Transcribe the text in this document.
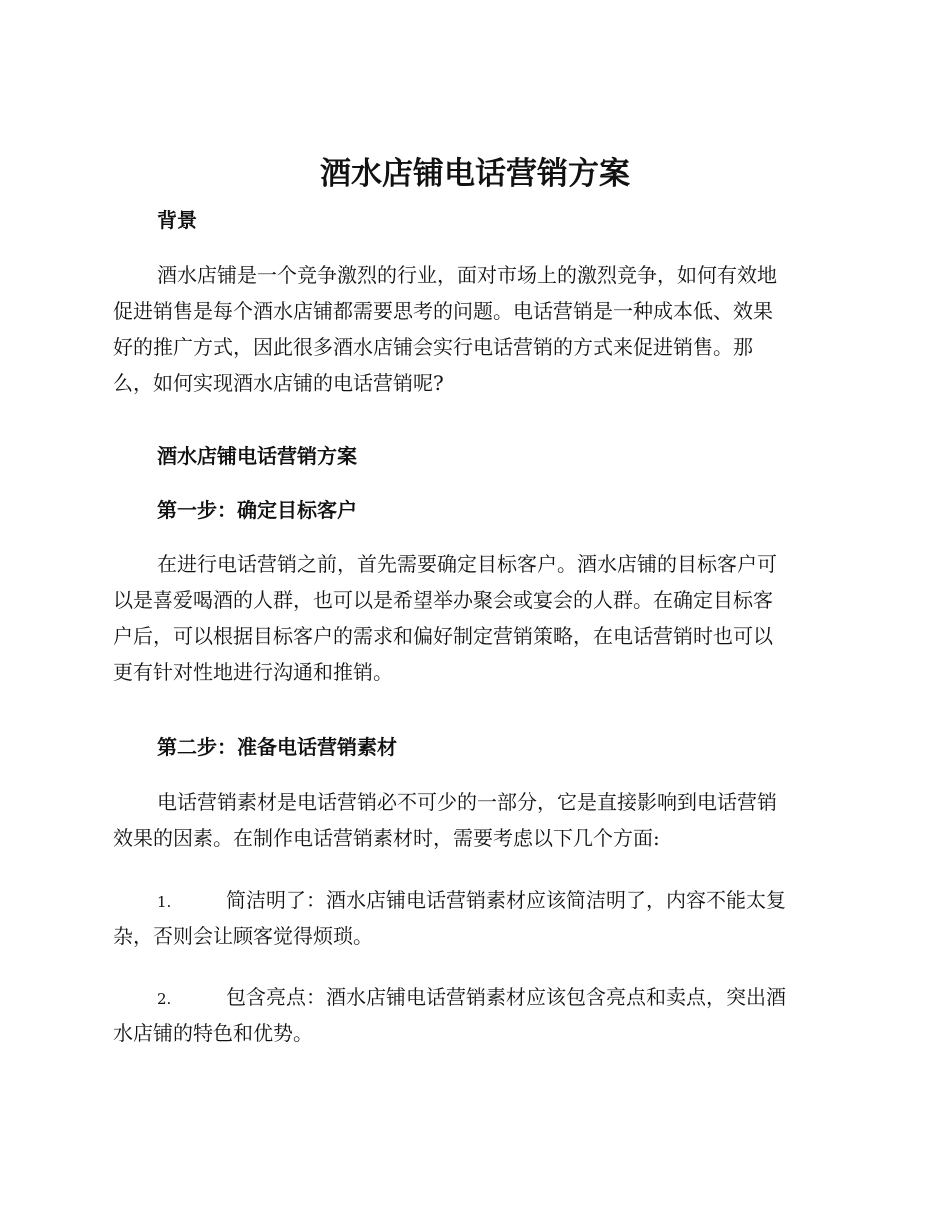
酒水店铺电话营销方案
背景
酒水店铺是一个竞争激烈的行业，面对市场上的激烈竞争，如何有效地
促进销售是每个酒水店铺都需要思考的问题。电话营销是一种成本低、效果
好的推广方式，因此很多酒水店铺会实行电话营销的方式来促进销售。那
么，如何实现酒水店铺的电话营销呢?
酒水店铺电话营销方案
第一步：确定目标客户
在进行电话营销之前，首先需要确定目标客户。酒水店铺的目标客户可
以是喜爱喝酒的人群，也可以是希望举办聚会或宴会的人群。在确定目标客
户后，可以根据目标客户的需求和偏好制定营销策略，在电话营销时也可以
更有针对性地进行沟通和推销。
第二步：准备电话营销素材
电话营销素材是电话营销必不可少的一部分，它是直接影响到电话营销
效果的因素。在制作电话营销素材时，需要考虑以下几个方面:
1.	简洁明了：酒水店铺电话营销素材应该简洁明了，内容不能太复
杂，否则会让顾客觉得烦琐。
2.	包含亮点：酒水店铺电话营销素材应该包含亮点和卖点，突出酒
水店铺的特色和优势。
